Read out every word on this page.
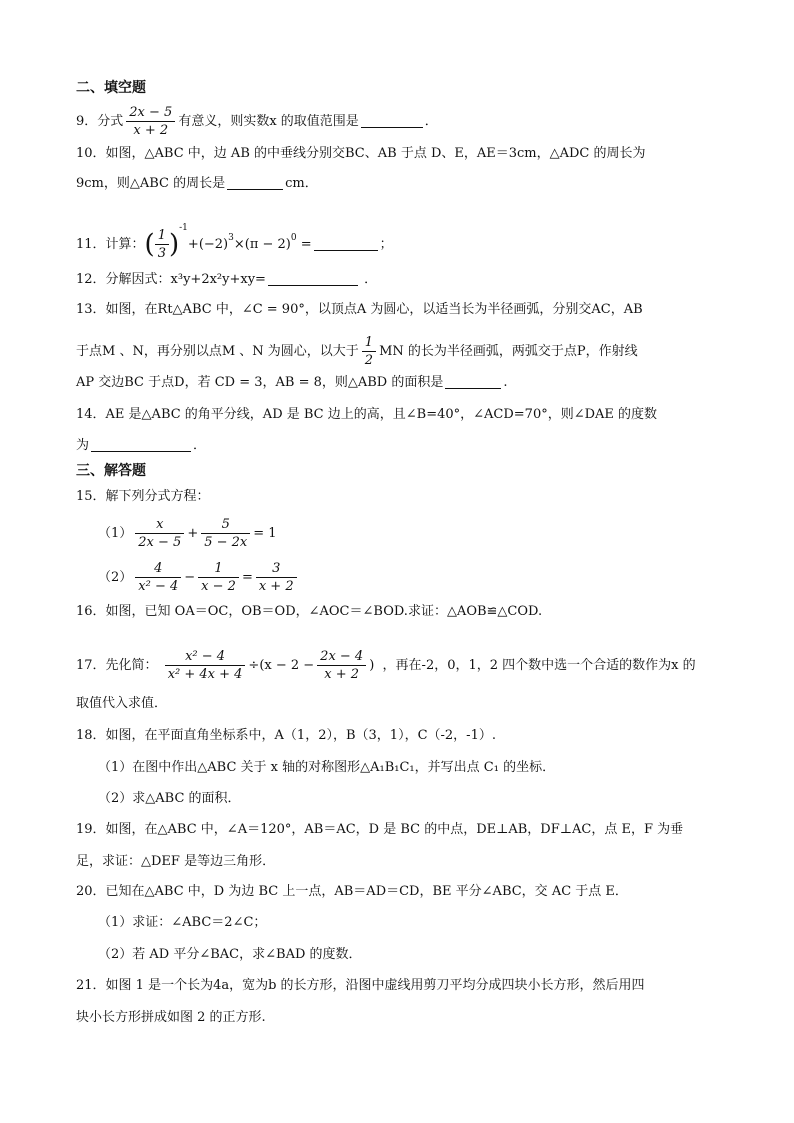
二、填空题
9．分式 $\frac{2x - 5}{x + 2}$ 有意义，则实数x 的取值范围是	．
10．如图，△ABC 中，边 AB 的中垂线分别交BC、AB 于点 D、E，AE＝3cm，△ADC 的周长为
9cm，则△ABC 的周长是	cm．
11．计算：( $\frac{1}{3} )^{-1}+(-2)^3\times(\pi - 2)^0$ =	；
12．分解因式：x³y+2x²y+xy=	．
13．如图，在Rt△ABC 中，∠C = 90°，以顶点A 为圆心，以适当长为半径画弧，分别交AC，AB
于点M 、N，再分别以点M 、N 为圆心，以大于 $\frac{1}{2}$ MN 的长为半径画弧，两弧交于点P，作射线
AP 交边BC 于点D，若 CD = 3，AB = 8，则△ABD 的面积是	.
14．AE 是△ABC 的角平分线，AD 是 BC 边上的高，且∠B=40°，∠ACD=70°，则∠DAE 的度数
为	．
三、解答题
15．解下列分式方程：
$(1) \frac{x}{2x - 5} + \frac{5}{5 - 2x} = 1$
$(2) \frac{4}{\text{x² − 4}} - \frac{1}{x - 2} = \frac{3}{x + 2}$
16．如图，已知 OA＝OC，OB＝OD，∠AOC＝∠BOD.求证：△AOB≌△COD.
17．先化简： $\frac{\text{x² − 4}}{\text{x² + 4x + 4}} \div(x - 2 - \frac{2x - 4}{x + 2}$ ) ，再在-2，0，1，2 四个数中选一个合适的数作为x 的
取值代入求值．
18．如图，在平面直角坐标系中，A（1，2），B（3，1），C（-2，-1）.
（1）在图中作出△ABC 关于 x 轴的对称图形△A₁B₁C₁，并写出点 C₁ 的坐标．
（2）求△ABC 的面积．
19．如图，在△ABC 中，∠A＝120°，AB＝AC，D 是 BC 的中点，DE⊥AB，DF⊥AC，点 E，F 为垂
足，求证：△DEF 是等边三角形．
20．已知在△ABC 中，D 为边 BC 上一点，AB＝AD＝CD，BE 平分∠ABC，交 AC 于点 E．
（1）求证：∠ABC＝2∠C；
（2）若 AD 平分∠BAC，求∠BAD 的度数．
21．如图 1 是一个长为4a，宽为b 的长方形，沿图中虚线用剪刀平均分成四块小长方形，然后用四
块小长方形拼成如图 2 的正方形.
